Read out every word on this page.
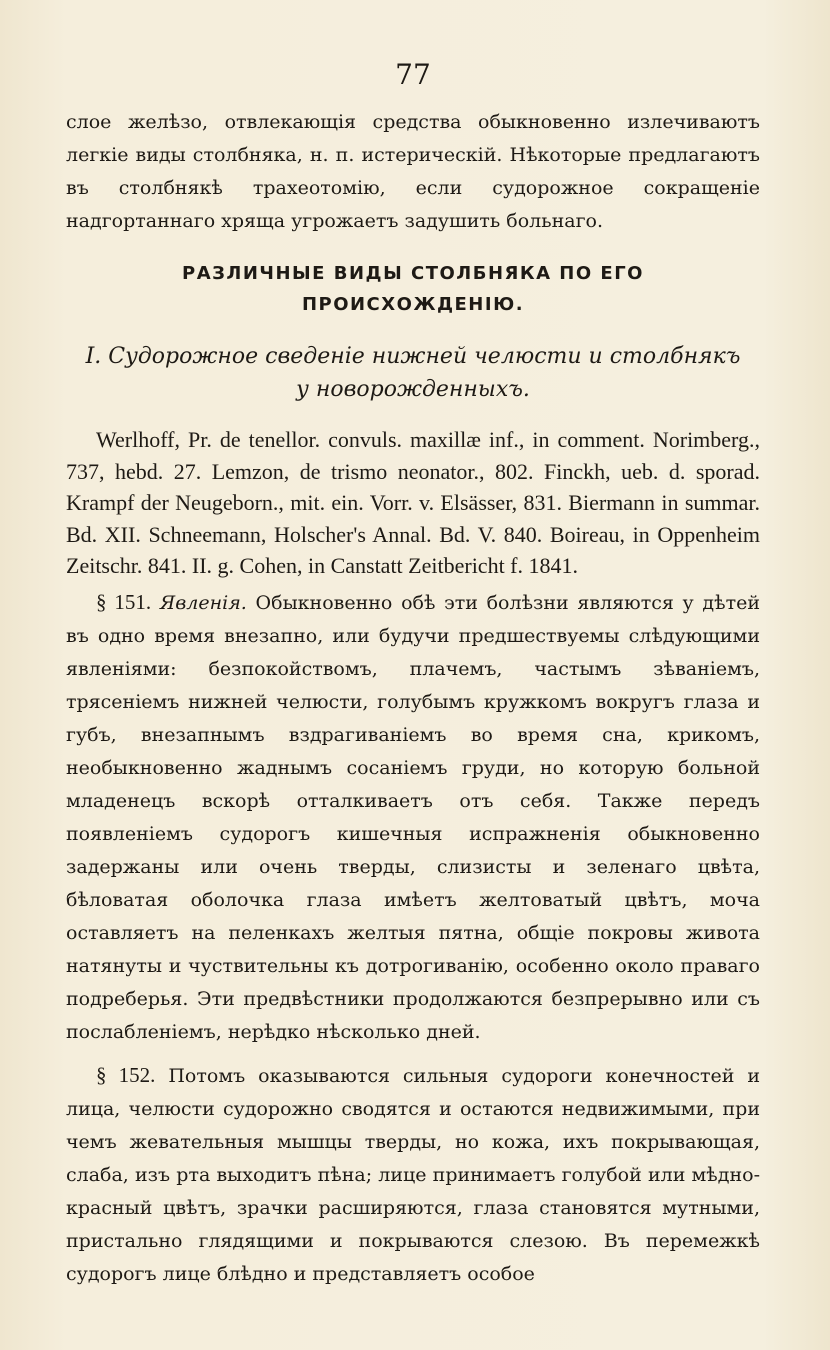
77

слое желѣзо, отвлекающія средства обыкновенно излечиваютъ легкіе виды столбняка, н. п. истерическій. Нѣкоторые предлагаютъ въ столбнякѣ трахеотомію, если судорожное сокращеніе надгортаннаго хряща угрожаетъ задушить больнаго.

РАЗЛИЧНЫЕ ВИДЫ СТОЛБНЯКА ПО ЕГО ПРОИСХОЖДЕНІЮ.
I. Судорожное сведеніе нижней челюсти и столбнякъ у новорожденныхъ.

Werlhoff, Pr. de tenellor. convuls. maxillæ inf., in comment. Norimberg., 737, hebd. 27. Lemzon, de trismo neonator., 802. Finckh, ueb. d. sporad. Krampf der Neugeborn., mit. ein. Vorr. v. Elsässer, 831. Biermann in summar. Bd. XII. Schneemann, Holscher's Annal. Bd. V. 840. Boireau, in Oppenheim Zeitschr. 841. II. g. Cohen, in Canstatt Zeitbericht f. 1841.

§ 151. Явленія. Обыкновенно обѣ эти болѣзни являются у дѣтей въ одно время внезапно, или будучи предшествуемы слѣдующими явленіями: безпокойствомъ, плачемъ, частымъ зѣваніемъ, трясеніемъ нижней челюсти, голубымъ кружкомъ вокругъ глаза и губъ, внезапнымъ вздрагиваніемъ во время сна, крикомъ, необыкновенно жаднымъ сосаніемъ груди, но которую больной младенецъ вскорѣ отталкиваетъ отъ себя. Также передъ появленіемъ судорогъ кишечныя испражненія обыкновенно задержаны или очень тверды, слизисты и зеленаго цвѣта, бѣловатая оболочка глаза имѣетъ желтоватый цвѣтъ, моча оставляетъ на пеленкахъ желтыя пятна, общіе покровы живота натянуты и чуствительны къ дотрогиванію, особенно около праваго подреберья. Эти предвѣстники продолжаются безпрерывно или съ послабленіемъ, нерѣдко нѣсколько дней.

§ 152. Потомъ оказываются сильныя судороги конечностей и лица, челюсти судорожно сводятся и остаются недвижимыми, при чемъ жевательныя мышцы тверды, но кожа, ихъ покрывающая, слаба, изъ рта выходитъ пѣна; лице принимаетъ голубой или мѣдно-красный цвѣтъ, зрачки расширяются, глаза становятся мутными, пристально глядящими и покрываются слезою. Въ перемежкѣ судорогъ лице блѣдно и представляетъ особое
